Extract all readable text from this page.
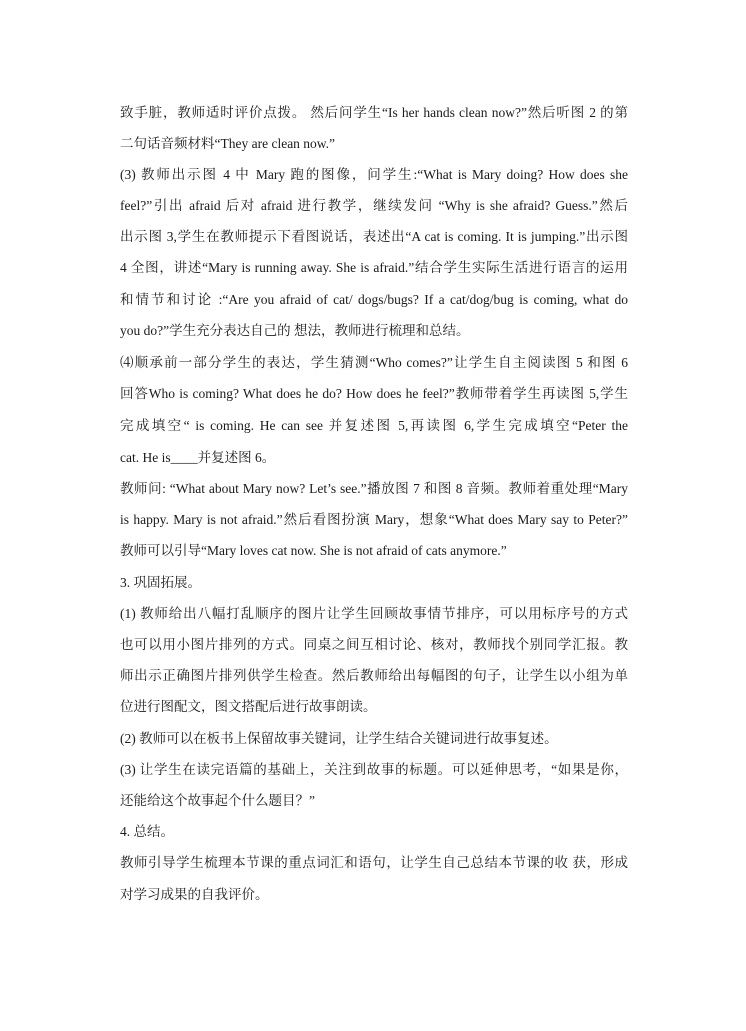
致手脏，教师适时评价点拨。 然后问学生“Is her hands clean now?”然后听图 2 的第
二句话音频材料“They are clean now.”
(3) 教师出示图 4 中 Mary 跑的图像，问学生:“What is Mary doing? How does she
feel?”引出 afraid 后对 afraid 进行教学，继续发问 “Why is she afraid? Guess.”然后
出示图 3,学生在教师提示下看图说话，表述出“A cat is coming. It is jumping.”出示图
4 全图，讲述“Mary is running away. She is afraid.”结合学生实际生活进行语言的运用
和情节和讨论 :“Are you afraid of cat/ dogs/bugs? If a cat/dog/bug is coming, what do
you do?”学生充分表达自己的 想法，教师进行梳理和总结。
⑷顺承前一部分学生的表达，学生猜测“Who comes?”让学生自主阅读图 5 和图 6
回答Who is coming? What does he do? How does he feel?”教师带着学生再读图 5,学生
完成填空“ is coming. He can see 并复述图 5,再读图 6,学生完成填空“Peter the
cat. He is____并复述图 6。
教师问: “What about Mary now? Let’s see.”播放图 7 和图 8 音频。教师着重处理“Mary
is happy. Mary is not afraid.”然后看图扮演 Mary，想象“What does Mary say to Peter?”
教师可以引导“Mary loves cat now. She is not afraid of cats anymore.”
3. 巩固拓展。
(1) 教师给出八幅打乱顺序的图片让学生回顾故事情节排序，可以用标序号的方式
也可以用小图片排列的方式。同桌之间互相讨论、核对，教师找个别同学汇报。教
师出示正确图片排列供学生检查。然后教师给出每幅图的句子，让学生以小组为单
位进行图配文，图文搭配后进行故事朗读。
(2) 教师可以在板书上保留故事关键词，让学生结合关键词进行故事复述。
(3) 让学生在读完语篇的基础上，关注到故事的标题。可以延伸思考，“如果是你，
还能给这个故事起个什么题目？”
4. 总结。
教师引导学生梳理本节课的重点词汇和语句，让学生自己总结本节课的收 获，形成
对学习成果的自我评价。
